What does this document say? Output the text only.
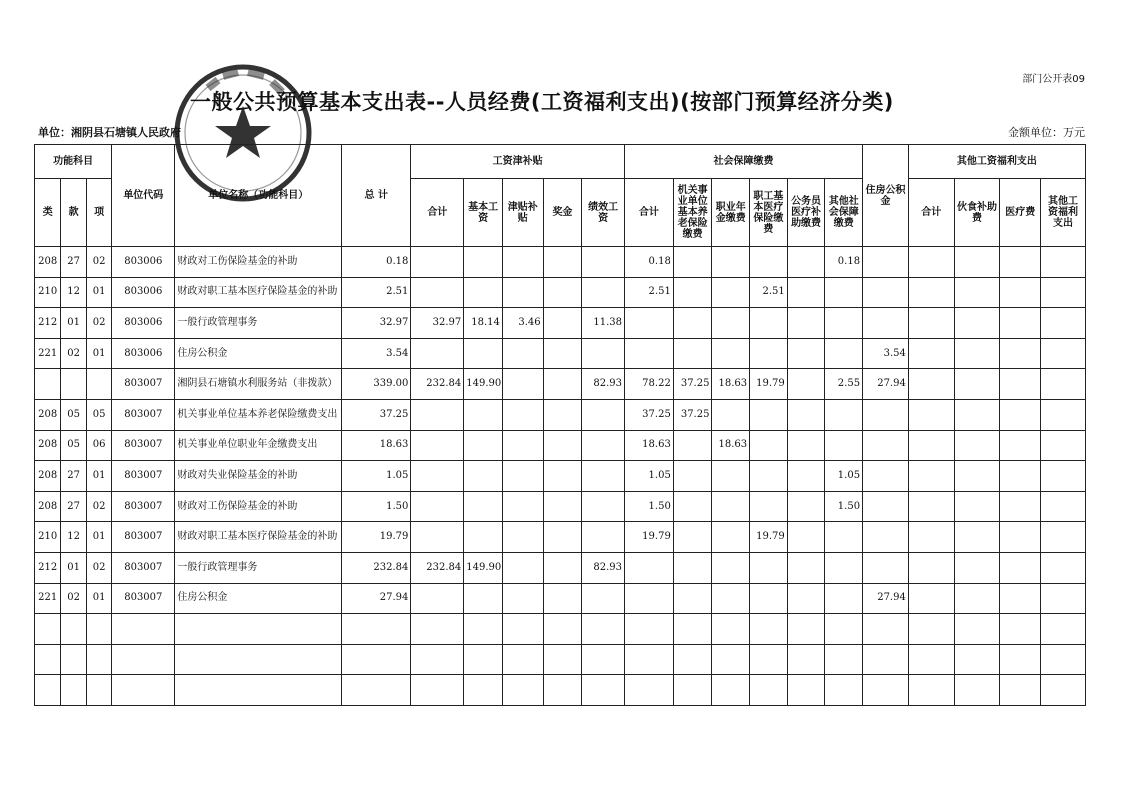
部门公开表09
一般公共预算基本支出表--人员经费(工资福利支出)(按部门预算经济分类)
单位：湘阴县石塘镇人民政府	金额单位：万元
功能科目			单位代码	单位名称（功能科目）	总 计	工资津补贴					社会保障缴费						住房公积金	其他工资福利支出			
类	款	项				合计	基本工资	津贴补贴	奖金	绩效工资	合计	机关事业单位基本养老保险缴费	职业年金缴费	职工基本医疗保险缴费	公务员医疗补助缴费	其他社会保障缴费		合计	伙食补助费	医疗费	其他工资福利支出
208	27	02	803006	财政对工伤保险基金的补助	0.18						0.18					0.18					
210	12	01	803006	财政对职工基本医疗保险基金的补助	2.51						2.51			2.51							
212	01	02	803006	一般行政管理事务	32.97	32.97	18.14	3.46		11.38											
221	02	01	803006	住房公积金	3.54												3.54				
			803007	湘阴县石塘镇水利服务站（非拨款）	339.00	232.84	149.90			82.93	78.22	37.25	18.63	19.79		2.55	27.94				
208	05	05	803007	机关事业单位基本养老保险缴费支出	37.25						37.25	37.25									
208	05	06	803007	机关事业单位职业年金缴费支出	18.63						18.63		18.63								
208	27	01	803007	财政对失业保险基金的补助	1.05						1.05					1.05					
208	27	02	803007	财政对工伤保险基金的补助	1.50						1.50					1.50					
210	12	01	803007	财政对职工基本医疗保险基金的补助	19.79						19.79			19.79							
212	01	02	803007	一般行政管理事务	232.84	232.84	149.90			82.93											
221	02	01	803007	住房公积金	27.94												27.94				
